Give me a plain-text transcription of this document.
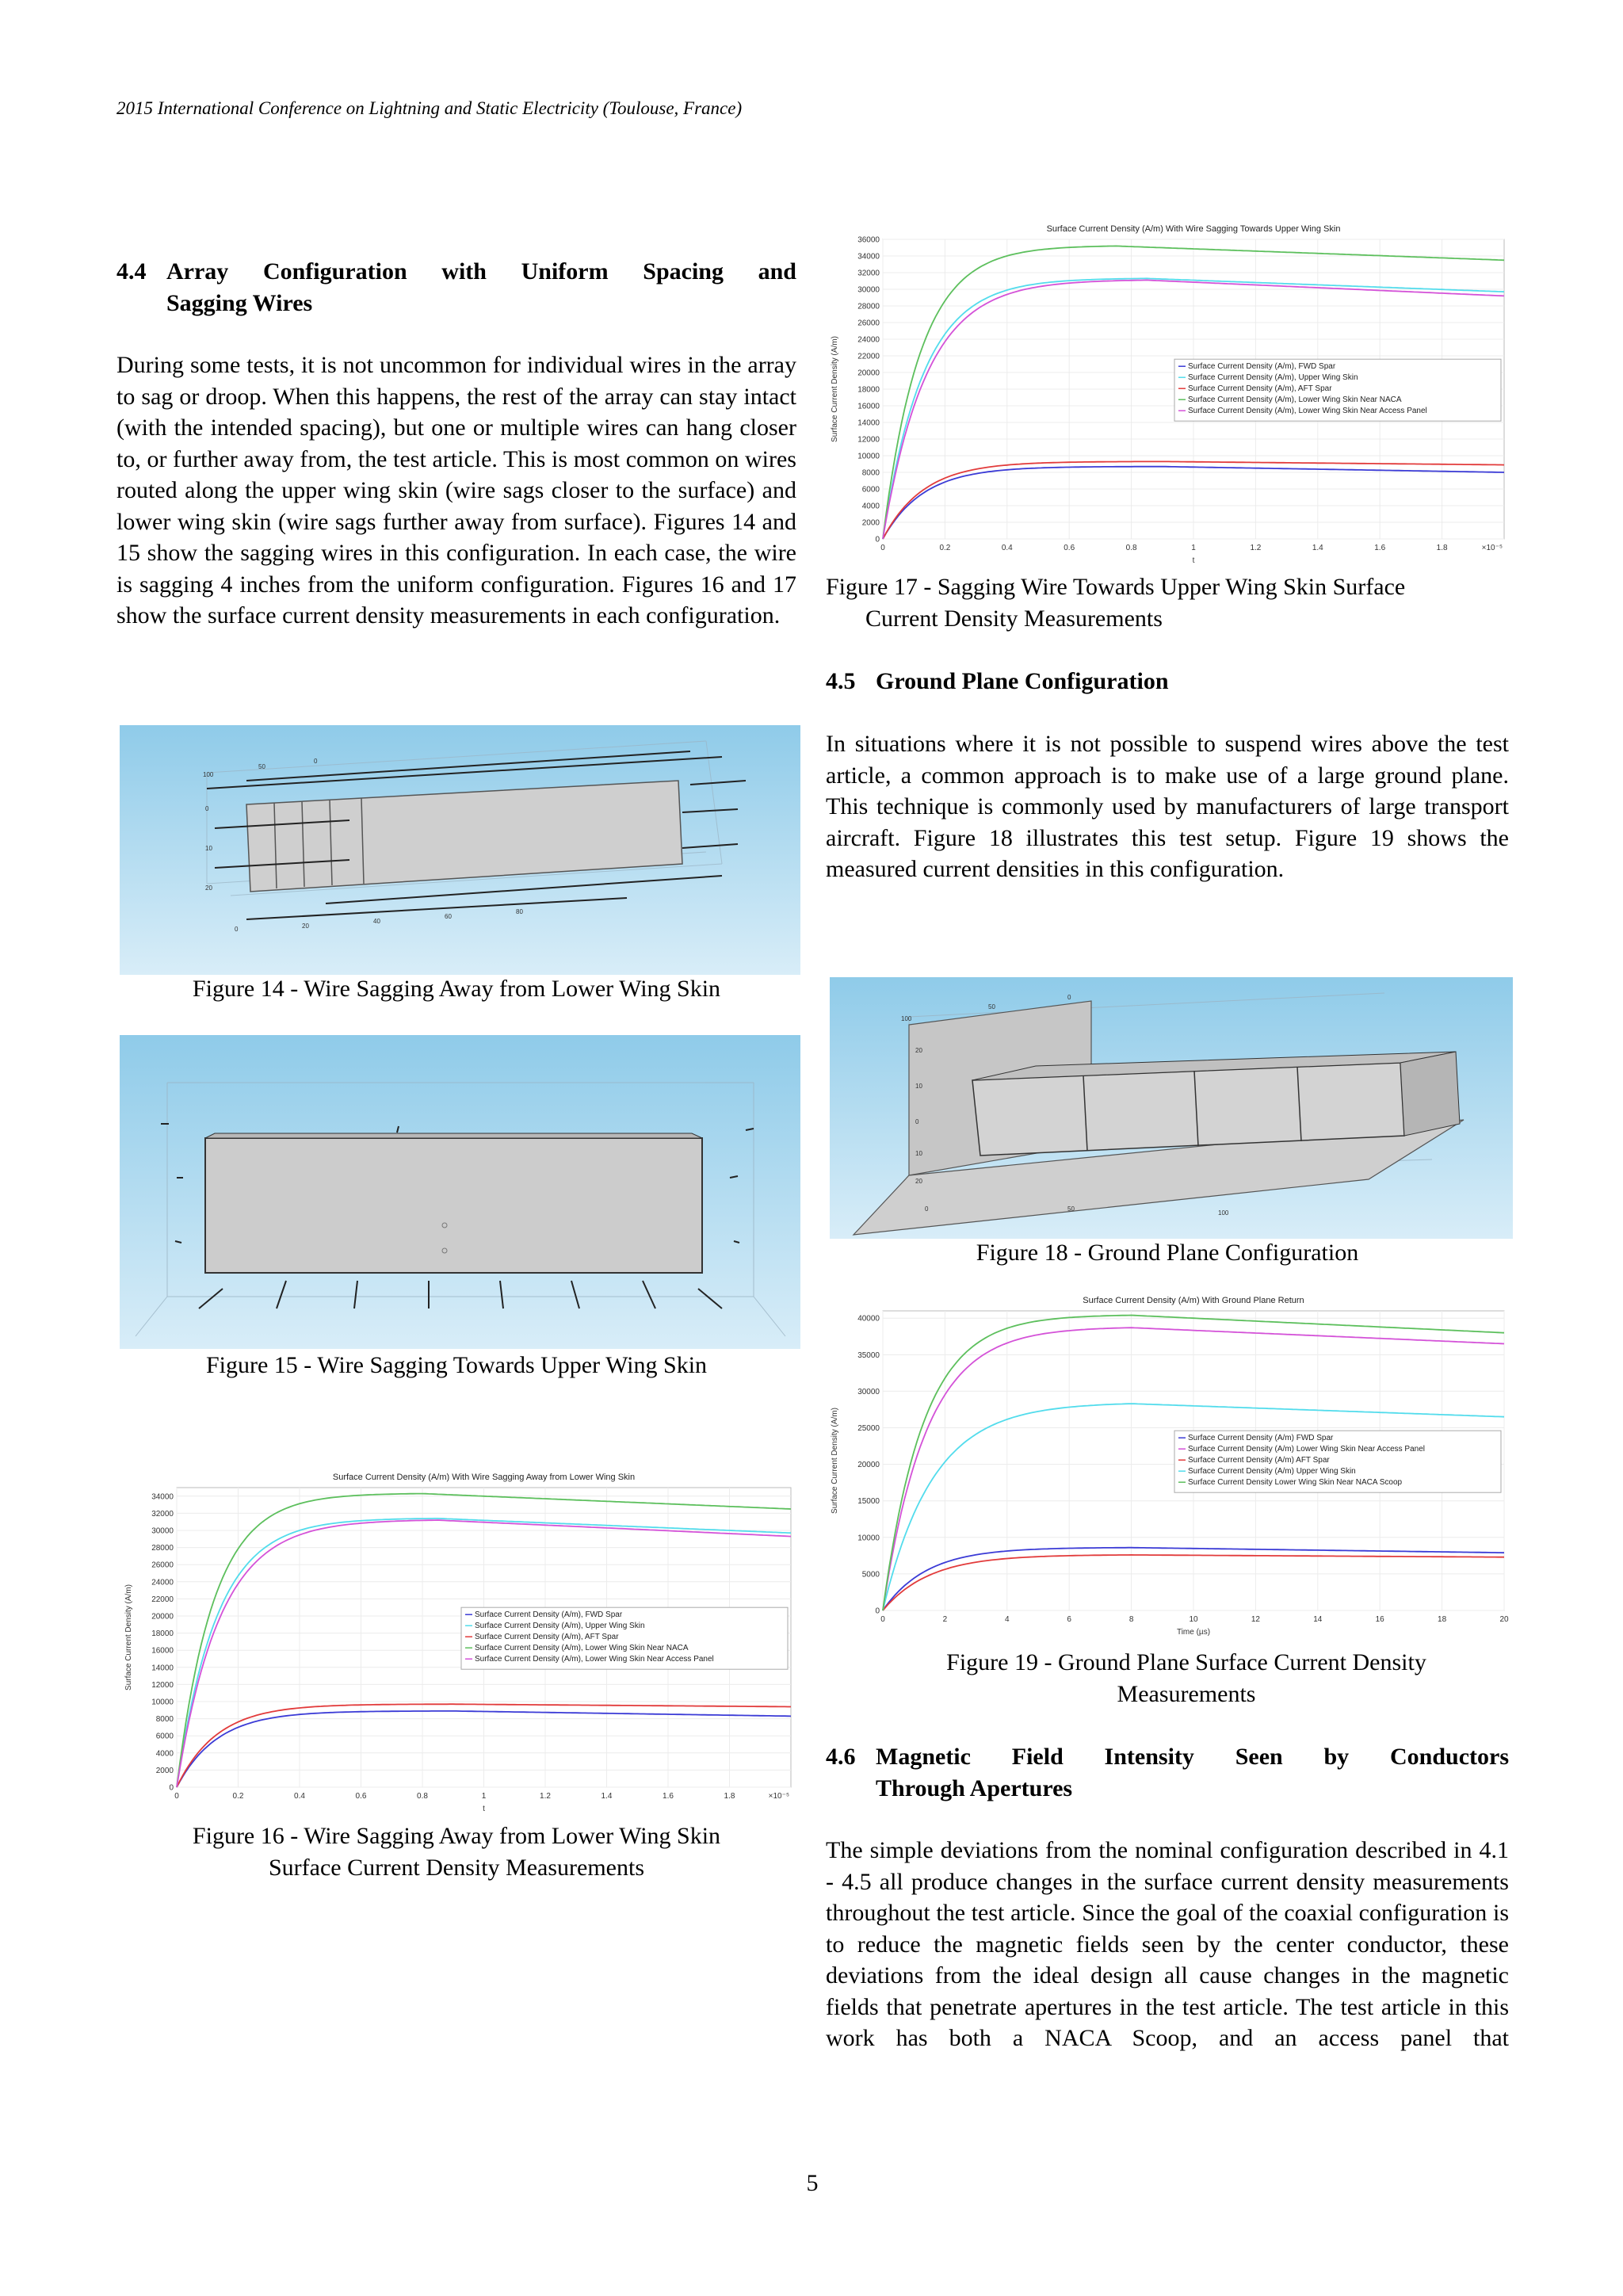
2015 International Conference on Lightning and Static Electricity (Toulouse, France)
4.4 Array Configuration with Uniform Spacing and
Sagging Wires
During some tests, it is not uncommon for individual wires in the array to sag or droop. When this happens, the rest of the array can stay intact (with the intended spacing), but one or multiple wires can hang closer to, or further away from, the test article. This is most common on wires routed along the upper wing skin (wire sags closer to the surface) and lower wing skin (wire sags further away from surface). Figures 14 and 15 show the sagging wires in this configuration. In each case, the wire is sagging 4 inches from the uniform configuration. Figures 16 and 17 show the surface current density measurements in each configuration.
100
50
0
0
10
20
0	20
40
60
80
Figure 14 - Wire Sagging Away from Lower Wing Skin
Figure 15 - Wire Sagging Towards Upper Wing Skin
Surface Current Density (A/m) With Wire Sagging Away from Lower Wing Skin
0
2000
4000
6000
8000
10000
12000
14000
16000
18000
20000
22000
24000
26000
28000
30000
32000
34000
0	0.2	0.4	0.6	0.8	1	1.2	1.4	1.6	1.8	×10⁻⁵
t
Surface Current Density (A/m)	Surface Current Density (A/m), FWD Spar
Surface Current Density (A/m), Upper Wing Skin
Surface Current Density (A/m), AFT Spar
Surface Current Density (A/m), Lower Wing Skin Near NACA
Surface Current Density (A/m), Lower Wing Skin Near Access Panel
Figure 16 - Wire Sagging Away from Lower Wing Skin
Surface Current Density Measurements
Surface Current Density (A/m) With Wire Sagging Towards Upper Wing Skin
0
2000
4000
6000
8000
10000
12000
14000
16000
18000
20000
22000
24000
26000
28000
30000
32000
34000
36000
0	0.2	0.4	0.6	0.8	1	1.2	1.4	1.6	1.8	×10⁻⁵
t
Surface Current Density (A/m)	Surface Current Density (A/m), FWD Spar
Surface Current Density (A/m), Upper Wing Skin
Surface Current Density (A/m), AFT Spar
Surface Current Density (A/m), Lower Wing Skin Near NACA
Surface Current Density (A/m), Lower Wing Skin Near Access Panel
Figure 17 - Sagging Wire Towards Upper Wing Skin Surface
Current Density Measurements
4.5 Ground Plane Configuration
In situations where it is not possible to suspend wires above the test article, a common approach is to make use of a large ground plane. This technique is commonly used by manufacturers of large transport aircraft. Figure 18 illustrates this test setup. Figure 19 shows the measured current densities in this configuration.
100
50
0
20
10
0
10
20
0	50
100
Figure 18 - Ground Plane Configuration
Surface Current Density (A/m) With Ground Plane Return
0
5000
10000
15000
20000
25000
30000
35000
40000
0	2	4	6	8	10	12	14	16	18	20
Time (µs)
Surface Current Density (A/m)	Surface Current Density (A/m) FWD Spar
Surface Current Density (A/m) Lower Wing Skin Near Access Panel
Surface Current Density (A/m) AFT Spar
Surface Current Density (A/m) Upper Wing Skin
Surface Current Density Lower Wing Skin Near NACA Scoop
Figure 19 - Ground Plane Surface Current Density
Measurements
4.6 Magnetic Field Intensity Seen by Conductors
Through Apertures
The simple deviations from the nominal configuration described in 4.1 - 4.5 all produce changes in the surface current density measurements throughout the test article. Since the goal of the coaxial configuration is to reduce the magnetic fields seen by the center conductor, these deviations from the ideal design all cause changes in the magnetic fields that penetrate apertures in the test article. The test article in this work has both a NACA Scoop, and an access panel that
5
